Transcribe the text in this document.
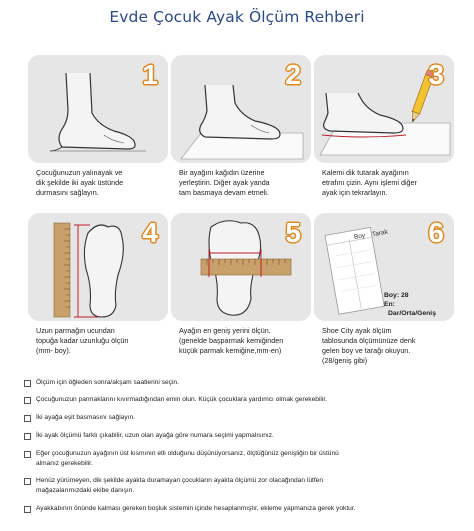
Evde Çocuk Ayak Ölçüm Rehberi
1
Çocuğunuzun yalınayak ve
dik şekilde iki ayak üstünde
durmasını sağlayın.
2
Bir ayağını kağıdın üzerine
yerleştirin. Diğer ayak yanda
tam basmaya devam etmeli.
3
Kalemi dik tutarak ayağının
etrafını çizin. Aynı işlemi diğer
ayak için tekrarlayın.
4
Uzun parmağın ucundan
topuğa kadar uzunluğu ölçün
(mm- boy).
5
Ayağın en geniş yerini ölçün.
(genelde başparmak kemiğinden
küçük parmak kemiğine,mm-en)
Boy Tarak
Boy: 28
En:
Dar/Orta/Geniş
6
Shoe City ayak ölçüm
tablosunda ölçümünüze denk
gelen boy ve tarağı okuyun.
(28/geniş gibi)
Ölçüm için öğleden sonra/akşam saatlerini seçin.
Çocuğunuzun parmaklarını kıvırmadığından emin olun. Küçük çocuklara yardımcı olmak gerekebilir.
İki ayağa eşit basmasını sağlayın.
İki ayak ölçümü farklı çıkabilir, uzun olan ayağa göre numara seçimi yapmalısınız.
Eğer çocuğunuzun ayağının üst kısmının etli olduğunu düşünüyorsanız, ölçtüğünüz genişliğin bir üstünü
almanız gerekebilir.
Henüz yürümeyen, dik şekilde ayakta duramayan çocukların ayakta ölçümü zor olacağından lütfen
mağazalarımızdaki ekibe danışın.
Ayakkabının önünde kalması gereken boşluk sistemin içinde hesaplanmıştır, ekleme yapmanıza gerek yoktur.
